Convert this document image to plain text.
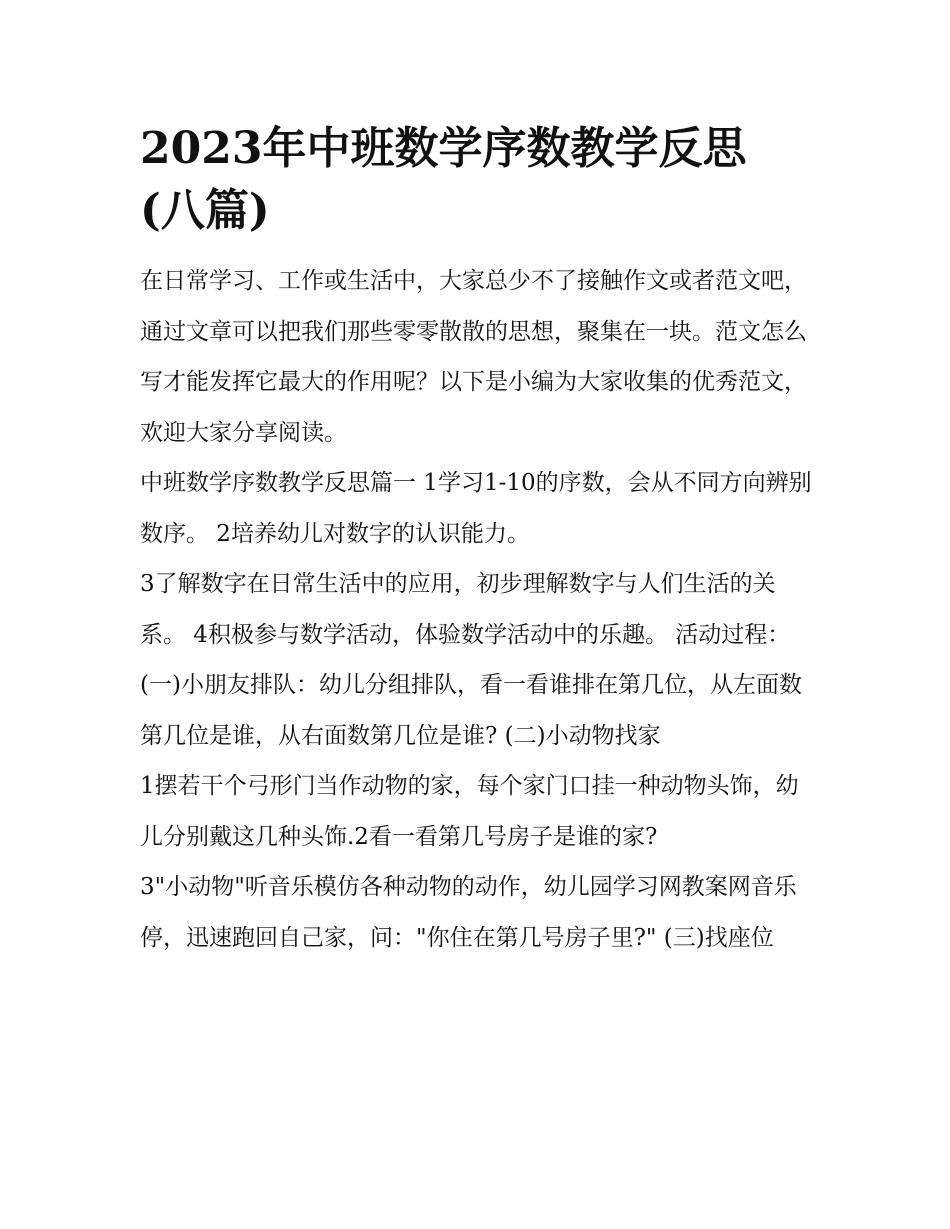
2023年中班数学序数教学反思
(八篇)

在日常学习、工作或生活中，大家总少不了接触作文或者范文吧，通过文章可以把我们那些零零散散的思想，聚集在一块。范文怎么写才能发挥它最大的作用呢？以下是小编为大家收集的优秀范文，欢迎大家分享阅读。

中班数学序数教学反思篇一 1学习1-10的序数，会从不同方向辨别数序。 2培养幼儿对数字的认识能力。

3了解数字在日常生活中的应用，初步理解数字与人们生活的关系。 4积极参与数学活动，体验数学活动中的乐趣。 活动过程：

(一)小朋友排队：幼儿分组排队，看一看谁排在第几位，从左面数第几位是谁，从右面数第几位是谁? (二)小动物找家

1摆若干个弓形门当作动物的家，每个家门口挂一种动物头饰，幼儿分别戴这几种头饰.2看一看第几号房子是谁的家?

3"小动物"听音乐模仿各种动物的动作，幼儿园学习网教案网音乐停，迅速跑回自己家，问："你住在第几号房子里?" (三)找座位
